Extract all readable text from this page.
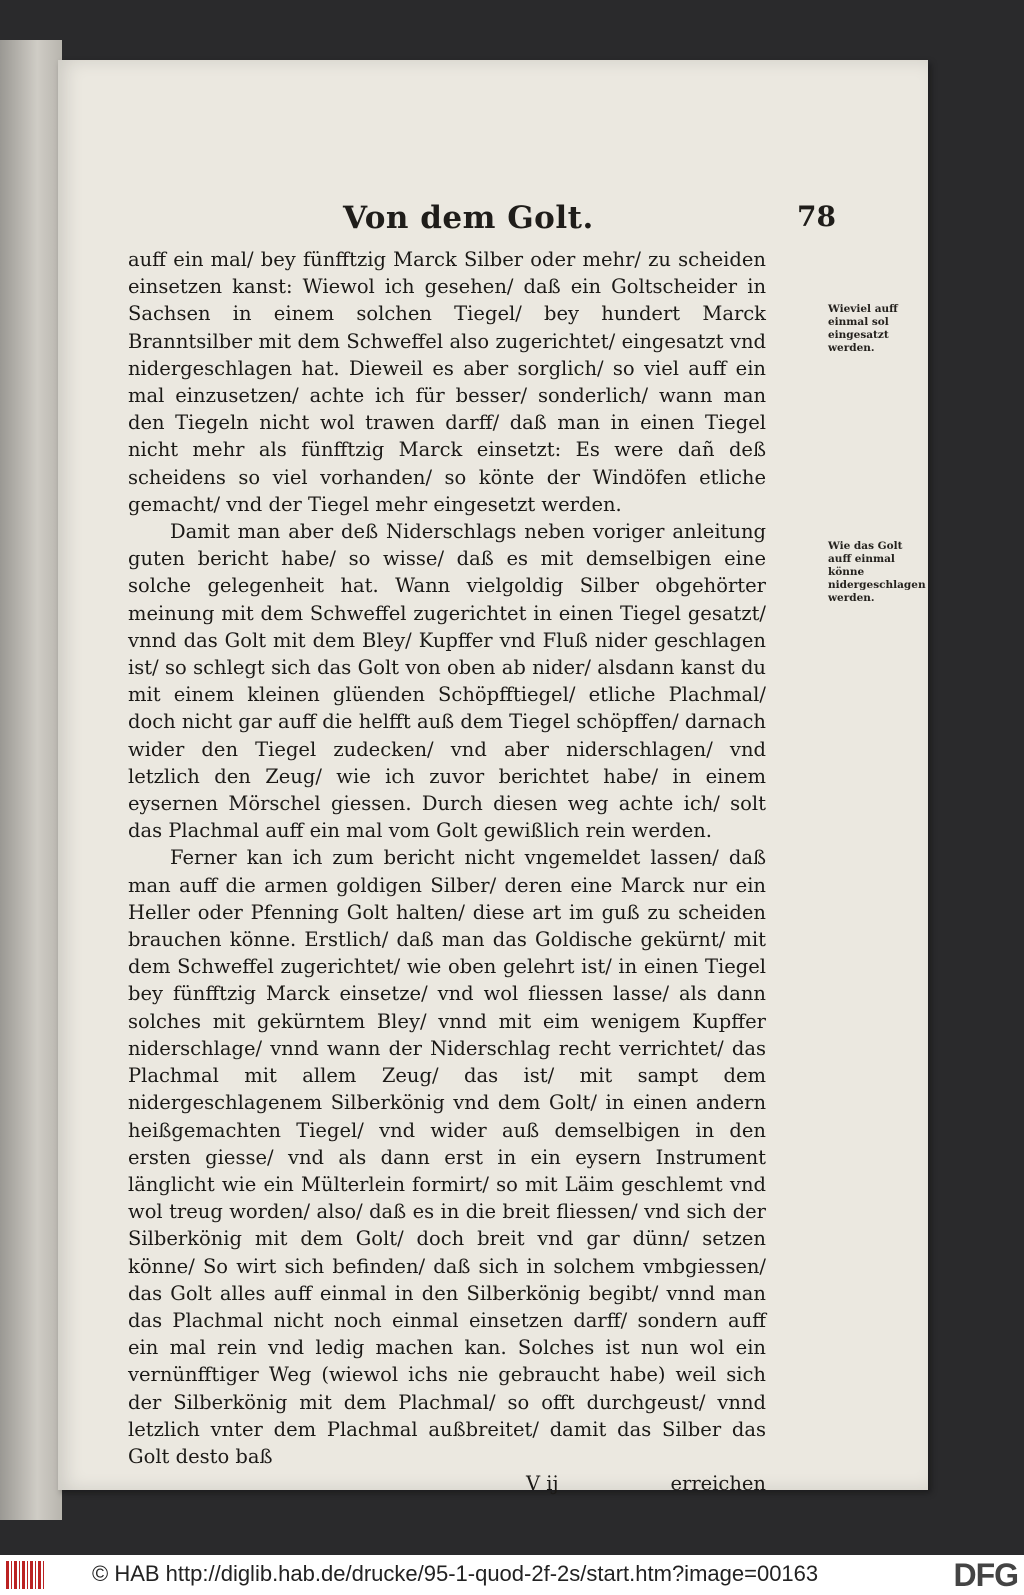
Von dem Golt.	78
Wieviel auff einmal sol eingesatzt werden.
Wie das Golt auff einmal könne nidergeschlagen werden.

auff ein mal/ bey fünfftzig Marck Silber oder mehr/ zu scheiden einsetzen kanst: Wiewol ich gesehen/ daß ein Goltscheider in Sachsen in einem solchen Tiegel/ bey hundert Marck Branntsilber mit dem Schweffel also zugerichtet/ eingesatzt vnd nidergeschlagen hat. Dieweil es aber sorglich/ so viel auff ein mal einzusetzen/ achte ich für besser/ sonderlich/ wann man den Tiegeln nicht wol trawen darff/ daß man in einen Tiegel nicht mehr als fünfftzig Marck einsetzt: Es were dañ deß scheidens so viel vorhanden/ so könte der Windöfen etliche gemacht/ vnd der Tiegel mehr eingesetzt werden.

Damit man aber deß Niderschlags neben voriger anleitung guten bericht habe/ so wisse/ daß es mit demselbigen eine solche gelegenheit hat. Wann vielgoldig Silber obgehörter meinung mit dem Schweffel zugerichtet in einen Tiegel gesatzt/ vnnd das Golt mit dem Bley/ Kupffer vnd Fluß nider geschlagen ist/ so schlegt sich das Golt von oben ab nider/ alsdann kanst du mit einem kleinen glüenden Schöpfftiegel/ etliche Plachmal/ doch nicht gar auff die helfft auß dem Tiegel schöpffen/ darnach wider den Tiegel zudecken/ vnd aber niderschlagen/ vnd letzlich den Zeug/ wie ich zuvor berichtet habe/ in einem eysernen Mörschel giessen. Durch diesen weg achte ich/ solt das Plachmal auff ein mal vom Golt gewißlich rein werden.

Ferner kan ich zum bericht nicht vngemeldet lassen/ daß man auff die armen goldigen Silber/ deren eine Marck nur ein Heller oder Pfenning Golt halten/ diese art im guß zu scheiden brauchen könne. Erstlich/ daß man das Goldische gekürnt/ mit dem Schweffel zugerichtet/ wie oben gelehrt ist/ in einen Tiegel bey fünfftzig Marck einsetze/ vnd wol fliessen lasse/ als dann solches mit gekürntem Bley/ vnnd mit eim wenigem Kupffer niderschlage/ vnnd wann der Niderschlag recht verrichtet/ das Plachmal mit allem Zeug/ das ist/ mit sampt dem nidergeschlagenem Silberkönig vnd dem Golt/ in einen andern heißgemachten Tiegel/ vnd wider auß demselbigen in den ersten giesse/ vnd als dann erst in ein eysern Instrument länglicht wie ein Mülterlein formirt/ so mit Läim geschlemt vnd wol treug worden/ also/ daß es in die breit fliessen/ vnd sich der Silberkönig mit dem Golt/ doch breit vnd gar dünn/ setzen könne/ So wirt sich befinden/ daß sich in solchem vmbgiessen/ das Golt alles auff einmal in den Silberkönig begibt/ vnnd man das Plachmal nicht noch einmal einsetzen darff/ sondern auff ein mal rein vnd ledig machen kan. Solches ist nun wol ein vernünfftiger Weg (wiewol ichs nie gebraucht habe) weil sich der Silberkönig mit dem Plachmal/ so offt durchgeust/ vnnd letzlich vnter dem Plachmal außbreitet/ damit das Silber das Golt desto baß

V ij	erreichen
© HAB http://diglib.hab.de/drucke/95-1-quod-2f-2s/start.htm?image=00163	DFG
